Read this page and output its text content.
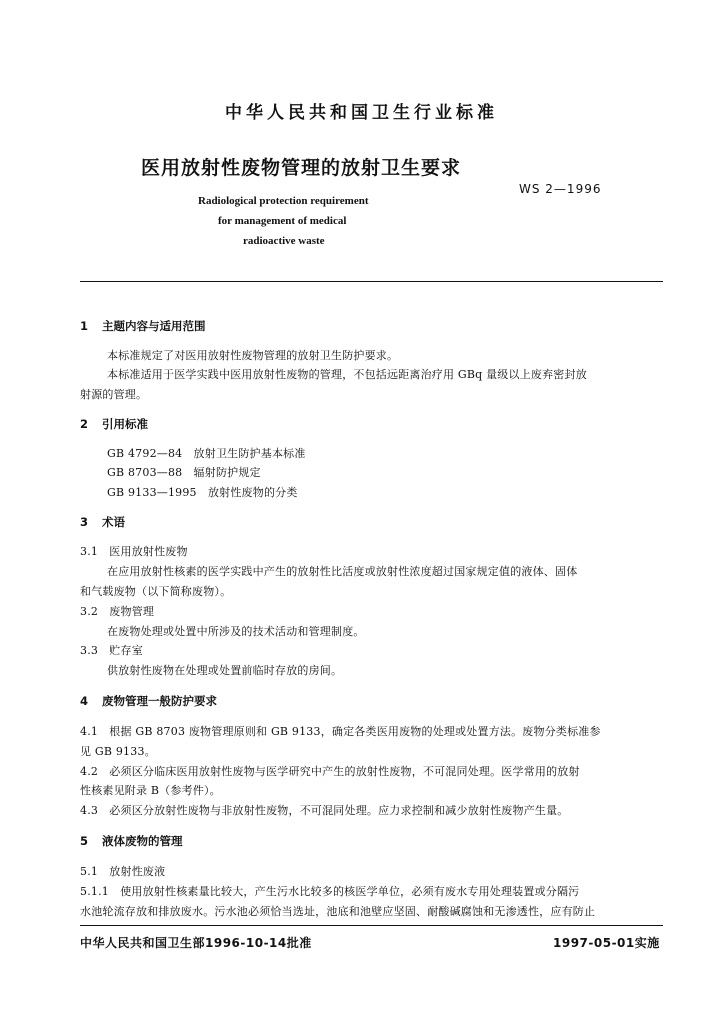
中华人民共和国卫生行业标准
医用放射性废物管理的放射卫生要求
WS 2—1996
Radiological protection requirement
for management of medical
radioactive waste
1 主题内容与适用范围
本标准规定了对医用放射性废物管理的放射卫生防护要求。
本标准适用于医学实践中医用放射性废物的管理，不包括远距离治疗用 GBq 量级以上废弃密封放
射源的管理。
2 引用标准
GB 4792—84　放射卫生防护基本标准
GB 8703—88　辐射防护规定
GB 9133—1995　放射性废物的分类
3 术语
3.1　医用放射性废物
在应用放射性核素的医学实践中产生的放射性比活度或放射性浓度超过国家规定值的液体、固体
和气载废物（以下简称废物）。
3.2　废物管理
在废物处理或处置中所涉及的技术活动和管理制度。
3.3　贮存室
供放射性废物在处理或处置前临时存放的房间。
4 废物管理一般防护要求
4.1　根据 GB 8703 废物管理原则和 GB 9133，确定各类医用废物的处理或处置方法。废物分类标准参
见 GB 9133。
4.2　必须区分临床医用放射性废物与医学研究中产生的放射性废物，不可混同处理。医学常用的放射
性核素见附录 B（参考件）。
4.3　必须区分放射性废物与非放射性废物，不可混同处理。应力求控制和减少放射性废物产生量。
5 液体废物的管理
5.1　放射性废液
5.1.1　使用放射性核素量比较大，产生污水比较多的核医学单位，必须有废水专用处理装置或分隔污
水池轮流存放和排放废水。污水池必须恰当选址，池底和池壁应坚固、耐酸碱腐蚀和无渗透性，应有防止
中华人民共和国卫生部1996-10-14批准	1997-05-01实施
